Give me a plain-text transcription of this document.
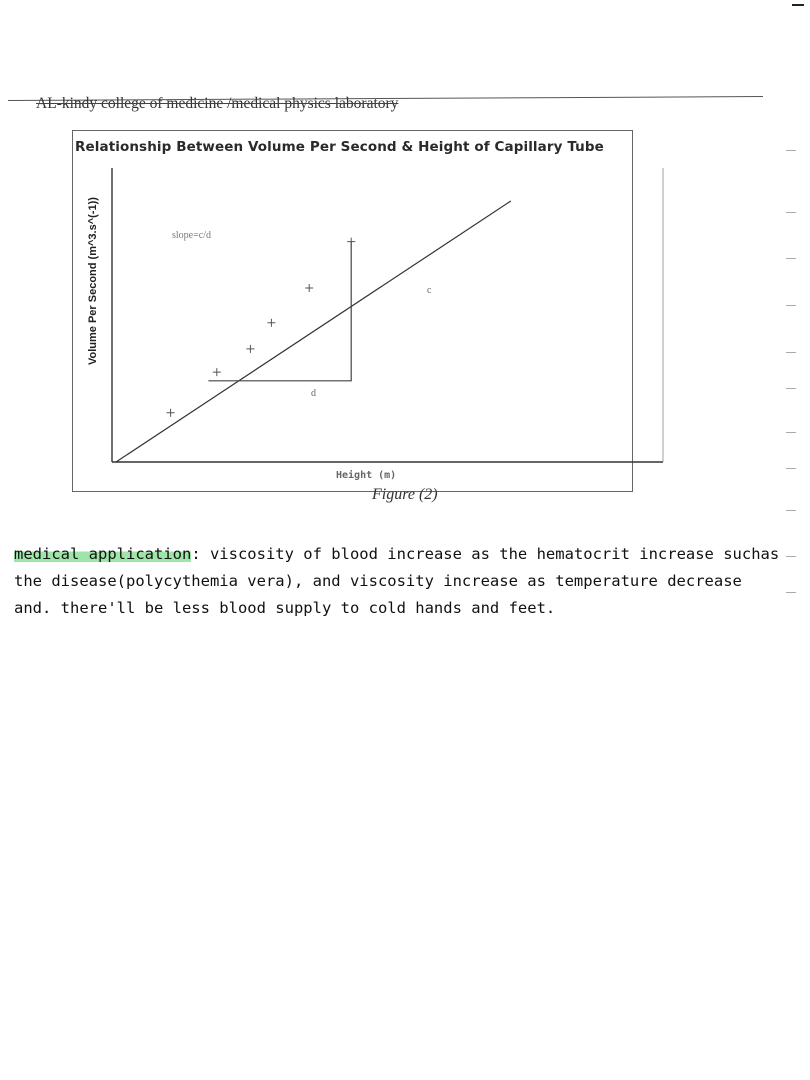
AL-kindy college of medicine /medical physics laboratory
Relationship Between Volume Per Second & Height of Capillary Tube
slope=c/d
c
d
Height (m)
Volume Per Second (m^3.s^(-1))
Figure (2)
medical application: viscosity of blood increase as the hematocrit increase suchas the disease(polycythemia vera), and viscosity increase as temperature decrease and. there'll be less blood supply to cold hands and feet.
